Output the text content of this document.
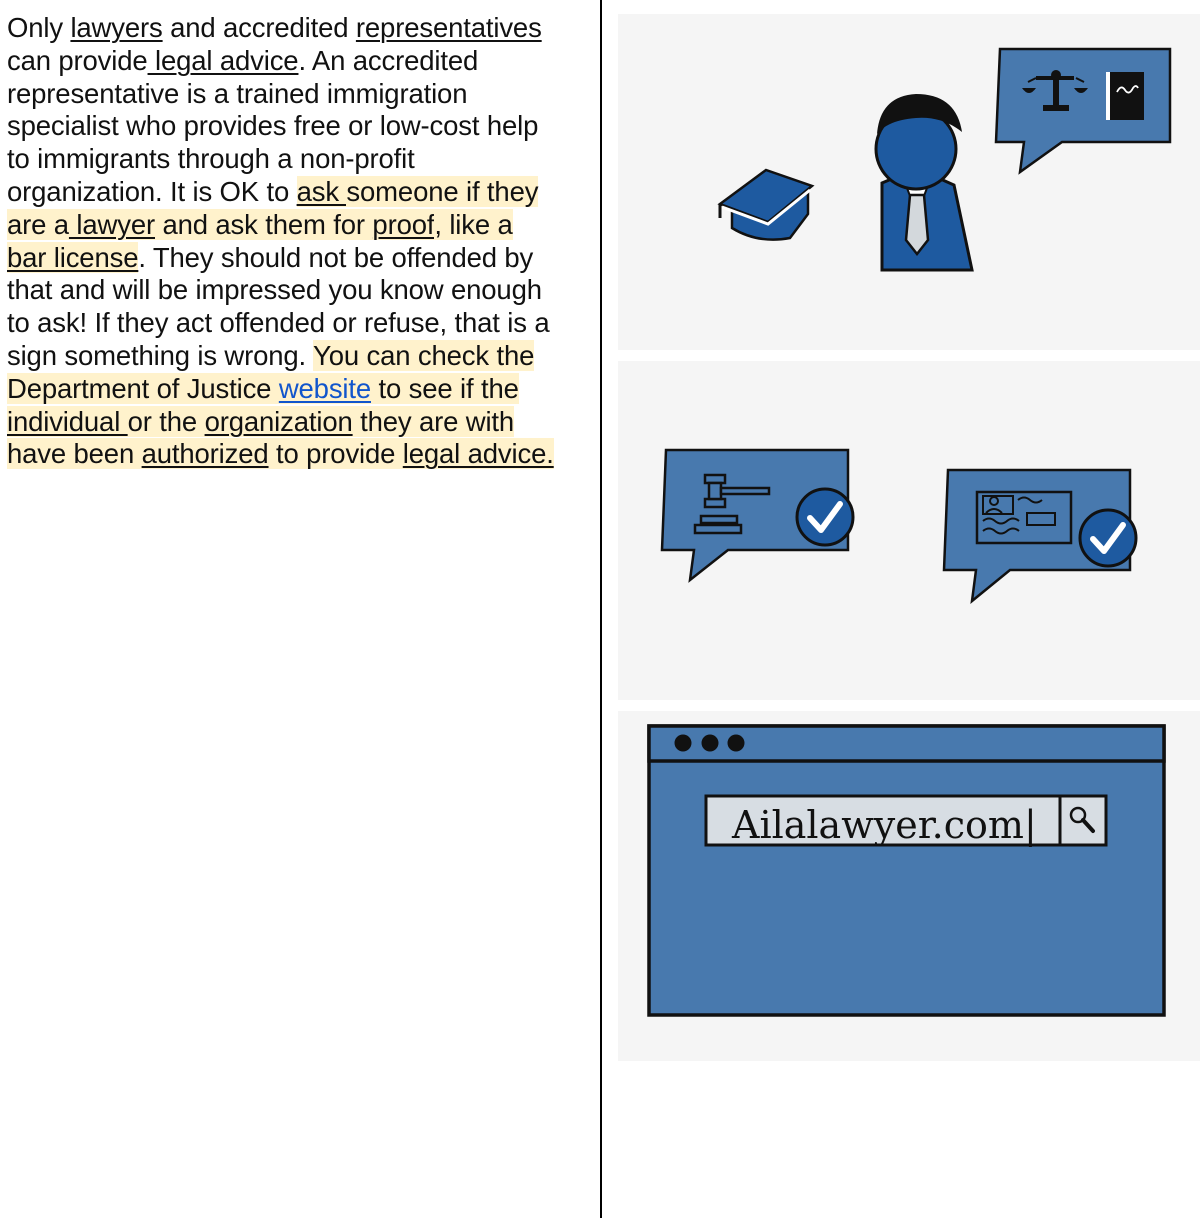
Only lawyers and accredited representatives
can provide legal advice. An accredited
representative is a trained immigration
specialist who provides free or low-cost help
to immigrants through a non-profit
organization. It is OK to ask someone if they
are a lawyer and ask them for proof, like a
bar license. They should not be offended by
that and will be impressed you know enough
to ask! If they act offended or refuse, that is a
sign something is wrong. You can check the
Department of Justice website to see if the
individual or the organization they are with
have been authorized to provide legal advice.
Ailalawyer.com|
